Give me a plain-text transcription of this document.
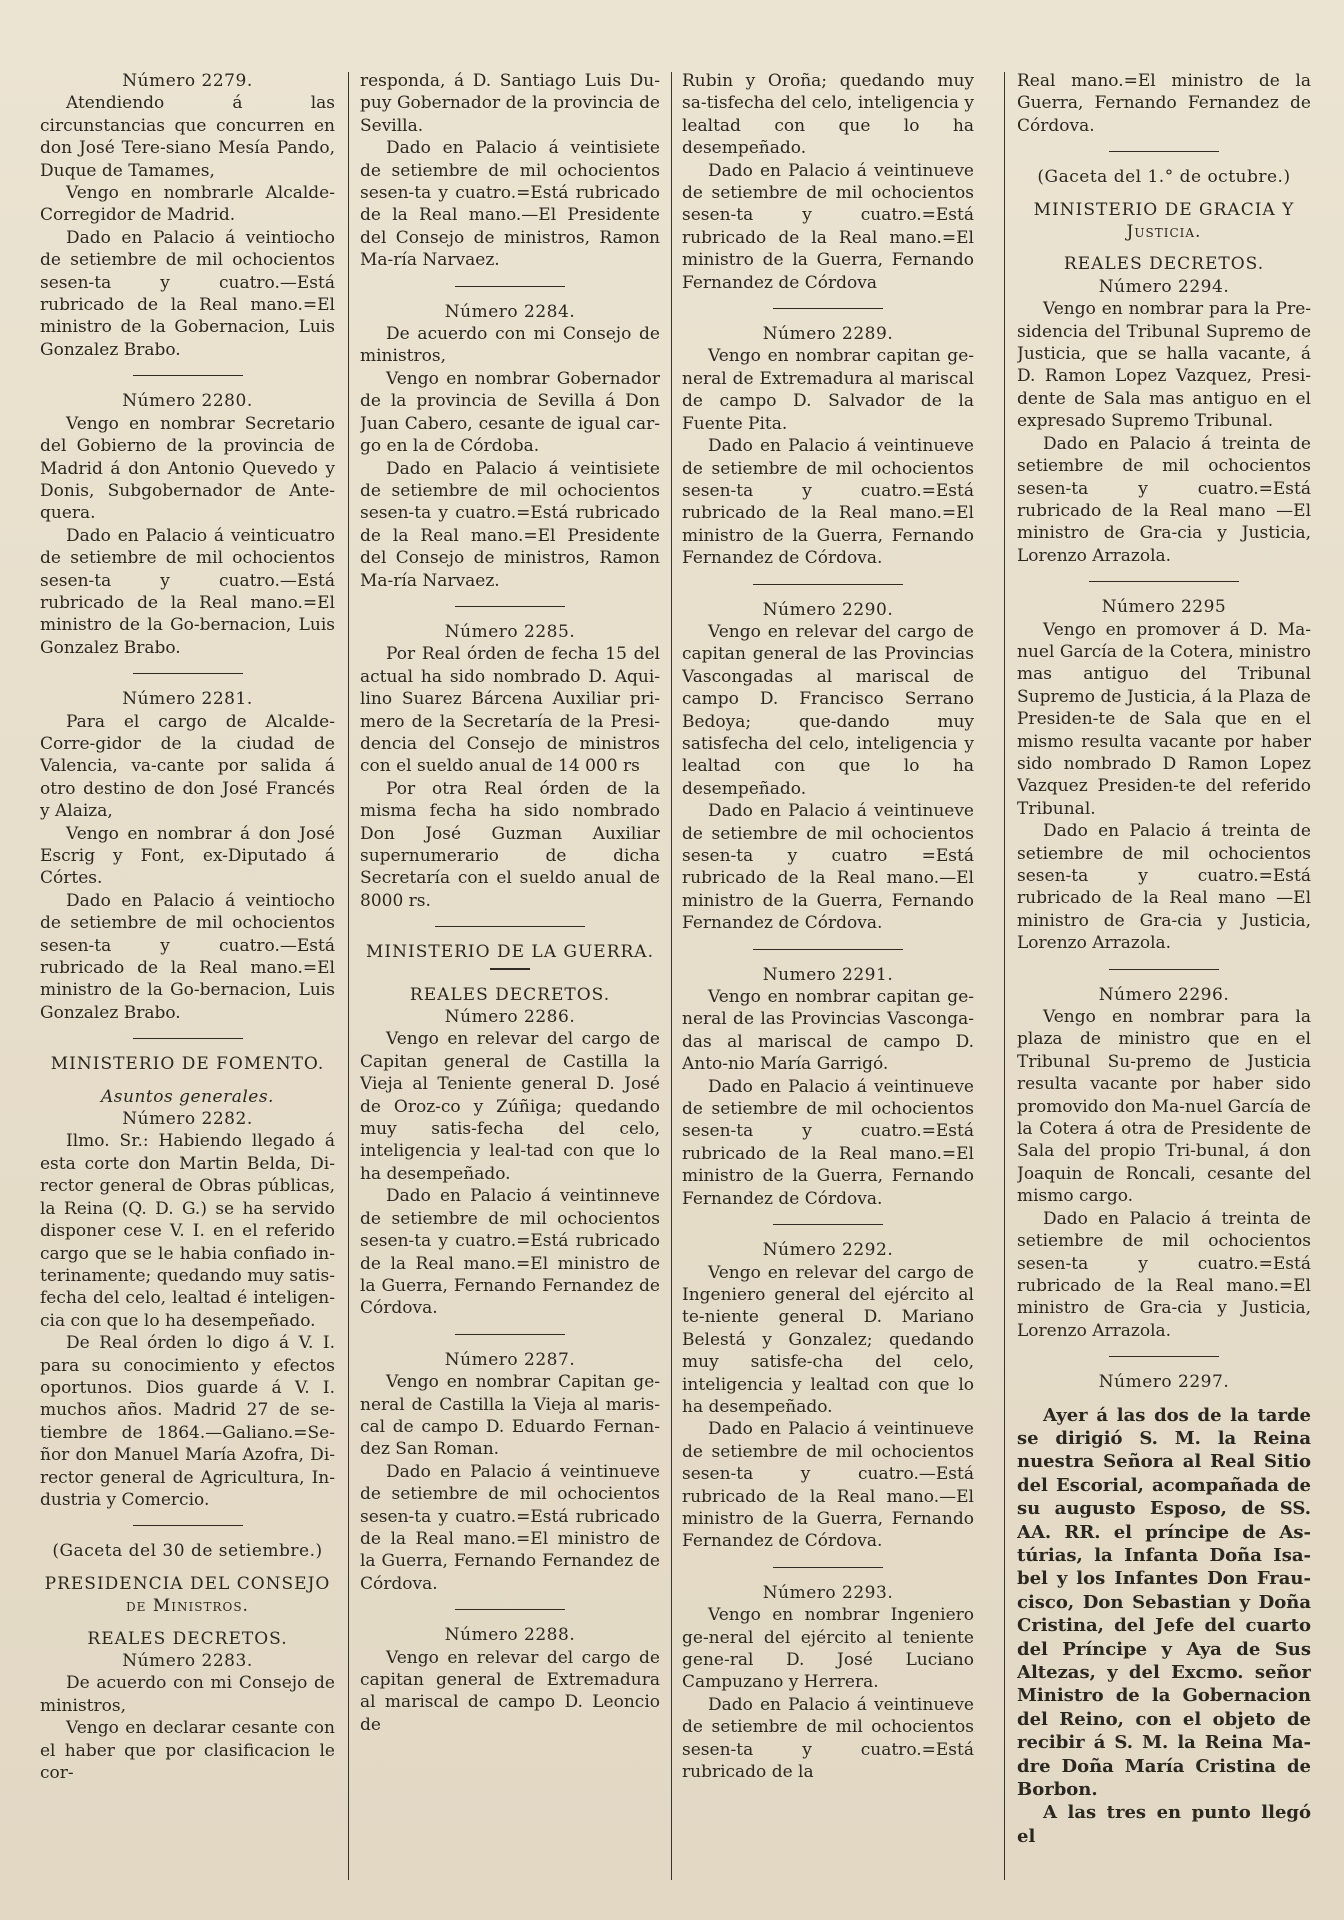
Número 2279.

Atendiendo á las circunstancias que concurren en don José Tere-siano Mesía Pando, Duque de Tamames,

Vengo en nombrarle Alcalde-Corregidor de Madrid.

Dado en Palacio á veintiocho de setiembre de mil ochocientos sesen-ta y cuatro.—Está rubricado de la Real mano.=El ministro de la Gobernacion, Luis Gonzalez Brabo.

Número 2280.

Vengo en nombrar Secretario del Gobierno de la provincia de Madrid á don Antonio Quevedo y Donis, Subgobernador de Ante-quera.

Dado en Palacio á veinticuatro de setiembre de mil ochocientos sesen-ta y cuatro.—Está rubricado de la Real mano.=El ministro de la Go-bernacion, Luis Gonzalez Brabo.

Número 2281.

Para el cargo de Alcalde-Corre-gidor de la ciudad de Valencia, va-cante por salida á otro destino de don José Francés y Alaiza,

Vengo en nombrar á don José Escrig y Font, ex-Diputado á Córtes.

Dado en Palacio á veintiocho de setiembre de mil ochocientos sesen-ta y cuatro.—Está rubricado de la Real mano.=El ministro de la Go-bernacion, Luis Gonzalez Brabo.

MINISTERIO DE FOMENTO.
Asuntos generales.
Número 2282.

Ilmo. Sr.: Habiendo llegado á esta corte don Martin Belda, Di-rector general de Obras públicas, la Reina (Q. D. G.) se ha servido disponer cese V. I. en el referido cargo que se le habia confiado in-terinamente; quedando muy satis-fecha del celo, lealtad é inteligen-cia con que lo ha desempeñado.

De Real órden lo digo á V. I. para su conocimiento y efectos oportunos. Dios guarde á V. I. muchos años. Madrid 27 de se-tiembre de 1864.—Galiano.=Se-ñor don Manuel María Azofra, Di-rector general de Agricultura, In-dustria y Comercio.

(Gaceta del 30 de setiembre.)
PRESIDENCIA DEL CONSEJO de Ministros.
REALES DECRETOS.
Número 2283.

De acuerdo con mi Consejo de ministros,

Vengo en declarar cesante con el haber que por clasificacion le cor-

responda, á D. Santiago Luis Du-puy Gobernador de la provincia de Sevilla.

Dado en Palacio á veintisiete de setiembre de mil ochocientos sesen-ta y cuatro.=Está rubricado de la Real mano.—El Presidente del Consejo de ministros, Ramon Ma-ría Narvaez.

Número 2284.

De acuerdo con mi Consejo de ministros,

Vengo en nombrar Gobernador de la provincia de Sevilla á Don Juan Cabero, cesante de igual car-go en la de Córdoba.

Dado en Palacio á veintisiete de setiembre de mil ochocientos sesen-ta y cuatro.=Está rubricado de la Real mano.=El Presidente del Consejo de ministros, Ramon Ma-ría Narvaez.

Número 2285.

Por Real órden de fecha 15 del actual ha sido nombrado D. Aqui-lino Suarez Bárcena Auxiliar pri-mero de la Secretaría de la Presi-dencia del Consejo de ministros con el sueldo anual de 14 000 rs

Por otra Real órden de la misma fecha ha sido nombrado Don José Guzman Auxiliar supernumerario de dicha Secretaría con el sueldo anual de 8000 rs.

MINISTERIO DE LA GUERRA.
REALES DECRETOS.
Número 2286.

Vengo en relevar del cargo de Capitan general de Castilla la Vieja al Teniente general D. José de Oroz-co y Zúñiga; quedando muy satis-fecha del celo, inteligencia y leal-tad con que lo ha desempeñado.

Dado en Palacio á veintinneve de setiembre de mil ochocientos sesen-ta y cuatro.=Está rubricado de la Real mano.=El ministro de la Guerra, Fernando Fernandez de Córdova.

Número 2287.

Vengo en nombrar Capitan ge-neral de Castilla la Vieja al maris-cal de campo D. Eduardo Fernan-dez San Roman.

Dado en Palacio á veintinueve de setiembre de mil ochocientos sesen-ta y cuatro.=Está rubricado de la Real mano.=El ministro de la Guerra, Fernando Fernandez de Córdova.

Número 2288.

Vengo en relevar del cargo de capitan general de Extremadura al mariscal de campo D. Leoncio de

Rubin y Oroña; quedando muy sa-tisfecha del celo, inteligencia y lealtad con que lo ha desempeñado.

Dado en Palacio á veintinueve de setiembre de mil ochocientos sesen-ta y cuatro.=Está rubricado de la Real mano.=El ministro de la Guerra, Fernando Fernandez de Córdova

Número 2289.

Vengo en nombrar capitan ge-neral de Extremadura al mariscal de campo D. Salvador de la Fuente Pita.

Dado en Palacio á veintinueve de setiembre de mil ochocientos sesen-ta y cuatro.=Está rubricado de la Real mano.=El ministro de la Guerra, Fernando Fernandez de Córdova.

Número 2290.

Vengo en relevar del cargo de capitan general de las Provincias Vascongadas al mariscal de campo D. Francisco Serrano Bedoya; que-dando muy satisfecha del celo, inteligencia y lealtad con que lo ha desempeñado.

Dado en Palacio á veintinueve de setiembre de mil ochocientos sesen-ta y cuatro =Está rubricado de la Real mano.—El ministro de la Guerra, Fernando Fernandez de Córdova.

Numero 2291.

Vengo en nombrar capitan ge-neral de las Provincias Vasconga-das al mariscal de campo D. Anto-nio María Garrigó.

Dado en Palacio á veintinueve de setiembre de mil ochocientos sesen-ta y cuatro.=Está rubricado de la Real mano.=El ministro de la Guerra, Fernando Fernandez de Córdova.

Número 2292.

Vengo en relevar del cargo de Ingeniero general del ejército al te-niente general D. Mariano Belestá y Gonzalez; quedando muy satisfe-cha del celo, inteligencia y lealtad con que lo ha desempeñado.

Dado en Palacio á veintinueve de setiembre de mil ochocientos sesen-ta y cuatro.—Está rubricado de la Real mano.—El ministro de la Guerra, Fernando Fernandez de Córdova.

Número 2293.

Vengo en nombrar Ingeniero ge-neral del ejército al teniente gene-ral D. José Luciano Campuzano y Herrera.

Dado en Palacio á veintinueve de setiembre de mil ochocientos sesen-ta y cuatro.=Está rubricado de la

Real mano.=El ministro de la Guerra, Fernando Fernandez de Córdova.

(Gaceta del 1.° de octubre.)
MINISTERIO DE GRACIA Y Justicia.
REALES DECRETOS.
Número 2294.

Vengo en nombrar para la Pre-sidencia del Tribunal Supremo de Justicia, que se halla vacante, á D. Ramon Lopez Vazquez, Presi-dente de Sala mas antiguo en el expresado Supremo Tribunal.

Dado en Palacio á treinta de setiembre de mil ochocientos sesen-ta y cuatro.=Está rubricado de la Real mano —El ministro de Gra-cia y Justicia, Lorenzo Arrazola.

Número 2295

Vengo en promover á D. Ma-nuel García de la Cotera, ministro mas antiguo del Tribunal Supremo de Justicia, á la Plaza de Presiden-te de Sala que en el mismo resulta vacante por haber sido nombrado D Ramon Lopez Vazquez Presiden-te del referido Tribunal.

Dado en Palacio á treinta de setiembre de mil ochocientos sesen-ta y cuatro.=Está rubricado de la Real mano —El ministro de Gra-cia y Justicia, Lorenzo Arrazola.

Número 2296.

Vengo en nombrar para la plaza de ministro que en el Tribunal Su-premo de Justicia resulta vacante por haber sido promovido don Ma-nuel García de la Cotera á otra de Presidente de Sala del propio Tri-bunal, á don Joaquin de Roncali, cesante del mismo cargo.

Dado en Palacio á treinta de setiembre de mil ochocientos sesen-ta y cuatro.=Está rubricado de la Real mano.=El ministro de Gra-cia y Justicia, Lorenzo Arrazola.

Número 2297.

Ayer á las dos de la tarde se dirigió S. M. la Reina nuestra Señora al Real Sitio del Escorial, acompañada de su augusto Esposo, de SS. AA. RR. el príncipe de As-túrias, la Infanta Doña Isa-bel y los Infantes Don Frau-cisco, Don Sebastian y Doña Cristina, del Jefe del cuarto del Príncipe y Aya de Sus Altezas, y del Excmo. señor Ministro de la Gobernacion del Reino, con el objeto de recibir á S. M. la Reina Ma-dre Doña María Cristina de Borbon.

A las tres en punto llegó el
